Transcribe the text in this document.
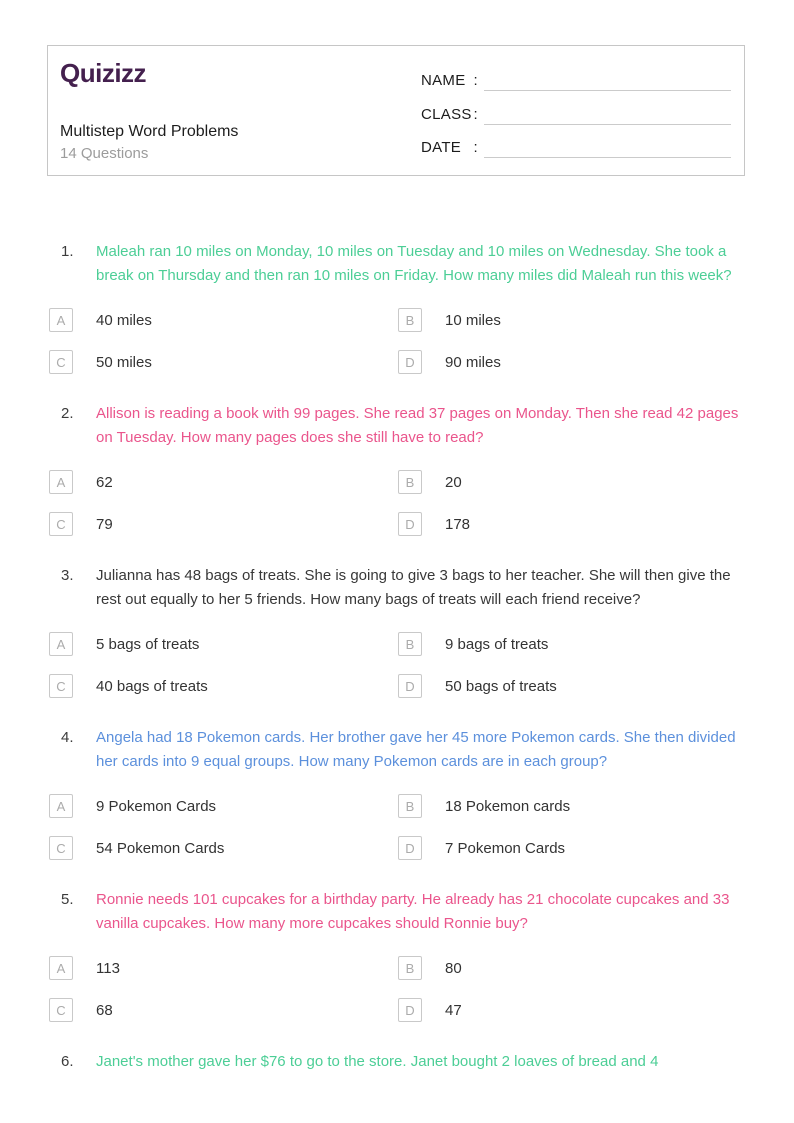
Quizizz
Multistep Word Problems
14 Questions
NAME :
CLASS :
DATE :
1.	Maleah ran 10 miles on Monday, 10 miles on Tuesday and 10 miles on Wednesday. She took a break on Thursday and then ran 10 miles on Friday. How many miles did Maleah run this week?
A	40 miles	B	10 miles
C	50 miles	D	90 miles
2.	Allison is reading a book with 99 pages. She read 37 pages on Monday. Then she read 42 pages on Tuesday. How many pages does she still have to read?
A	62	B	20
C	79	D	178
3.	Julianna has 48 bags of treats. She is going to give 3 bags to her teacher. She will then give the rest out equally to her 5 friends. How many bags of treats will each friend receive?
A	5 bags of treats	B	9 bags of treats
C	40 bags of treats	D	50 bags of treats
4.	Angela had 18 Pokemon cards. Her brother gave her 45 more Pokemon cards. She then divided her cards into 9 equal groups. How many Pokemon cards are in each group?
A	9 Pokemon Cards	B	18 Pokemon cards
C	54 Pokemon Cards	D	7 Pokemon Cards
5.	Ronnie needs 101 cupcakes for a birthday party. He already has 21 chocolate cupcakes and 33 vanilla cupcakes. How many more cupcakes should Ronnie buy?
A	113	B	80
C	68	D	47
6.	Janet's mother gave her $76 to go to the store. Janet bought 2 loaves of bread and 4
